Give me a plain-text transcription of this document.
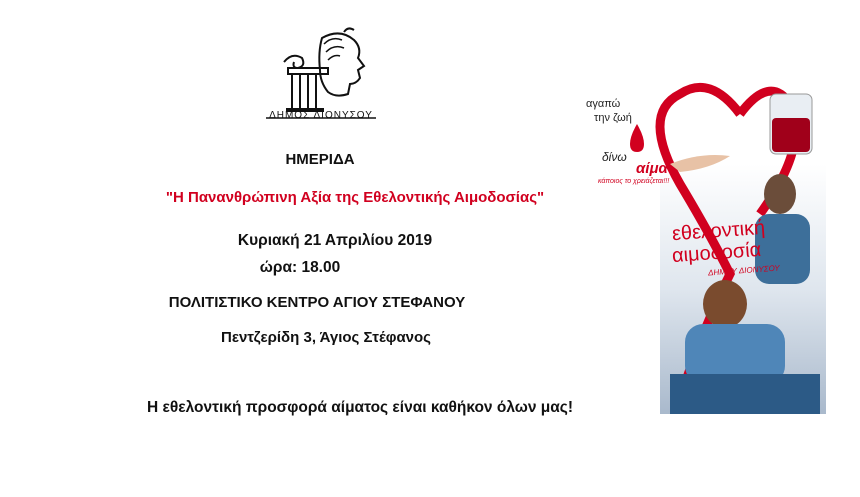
ΔΗΜΟΣ ΔΙΟΝΥΣΟΥ
ΗΜΕΡΙΔΑ
"Η Πανανθρώπινη Αξία της Εθελοντικής Αιμοδοσίας"
Κυριακή 21 Απριλίου 2019
ώρα: 18.00
ΠΟΛΙΤΙΣΤΙΚΟ ΚΕΝΤΡΟ ΑΓΙΟΥ ΣΤΕΦΑΝΟΥ
Πεντζερίδη 3, Άγιος Στέφανος
Η εθελοντική προσφορά αίματος είναι καθήκον όλων μας!
αγαπώ
την ζωή
δίνω
αίμα
κάποιος το χρειάζεται!!!
εθελοντική
αιμοδοσία
ΔΗΜΟΥ ΔΙΟΝΥΣΟΥ
